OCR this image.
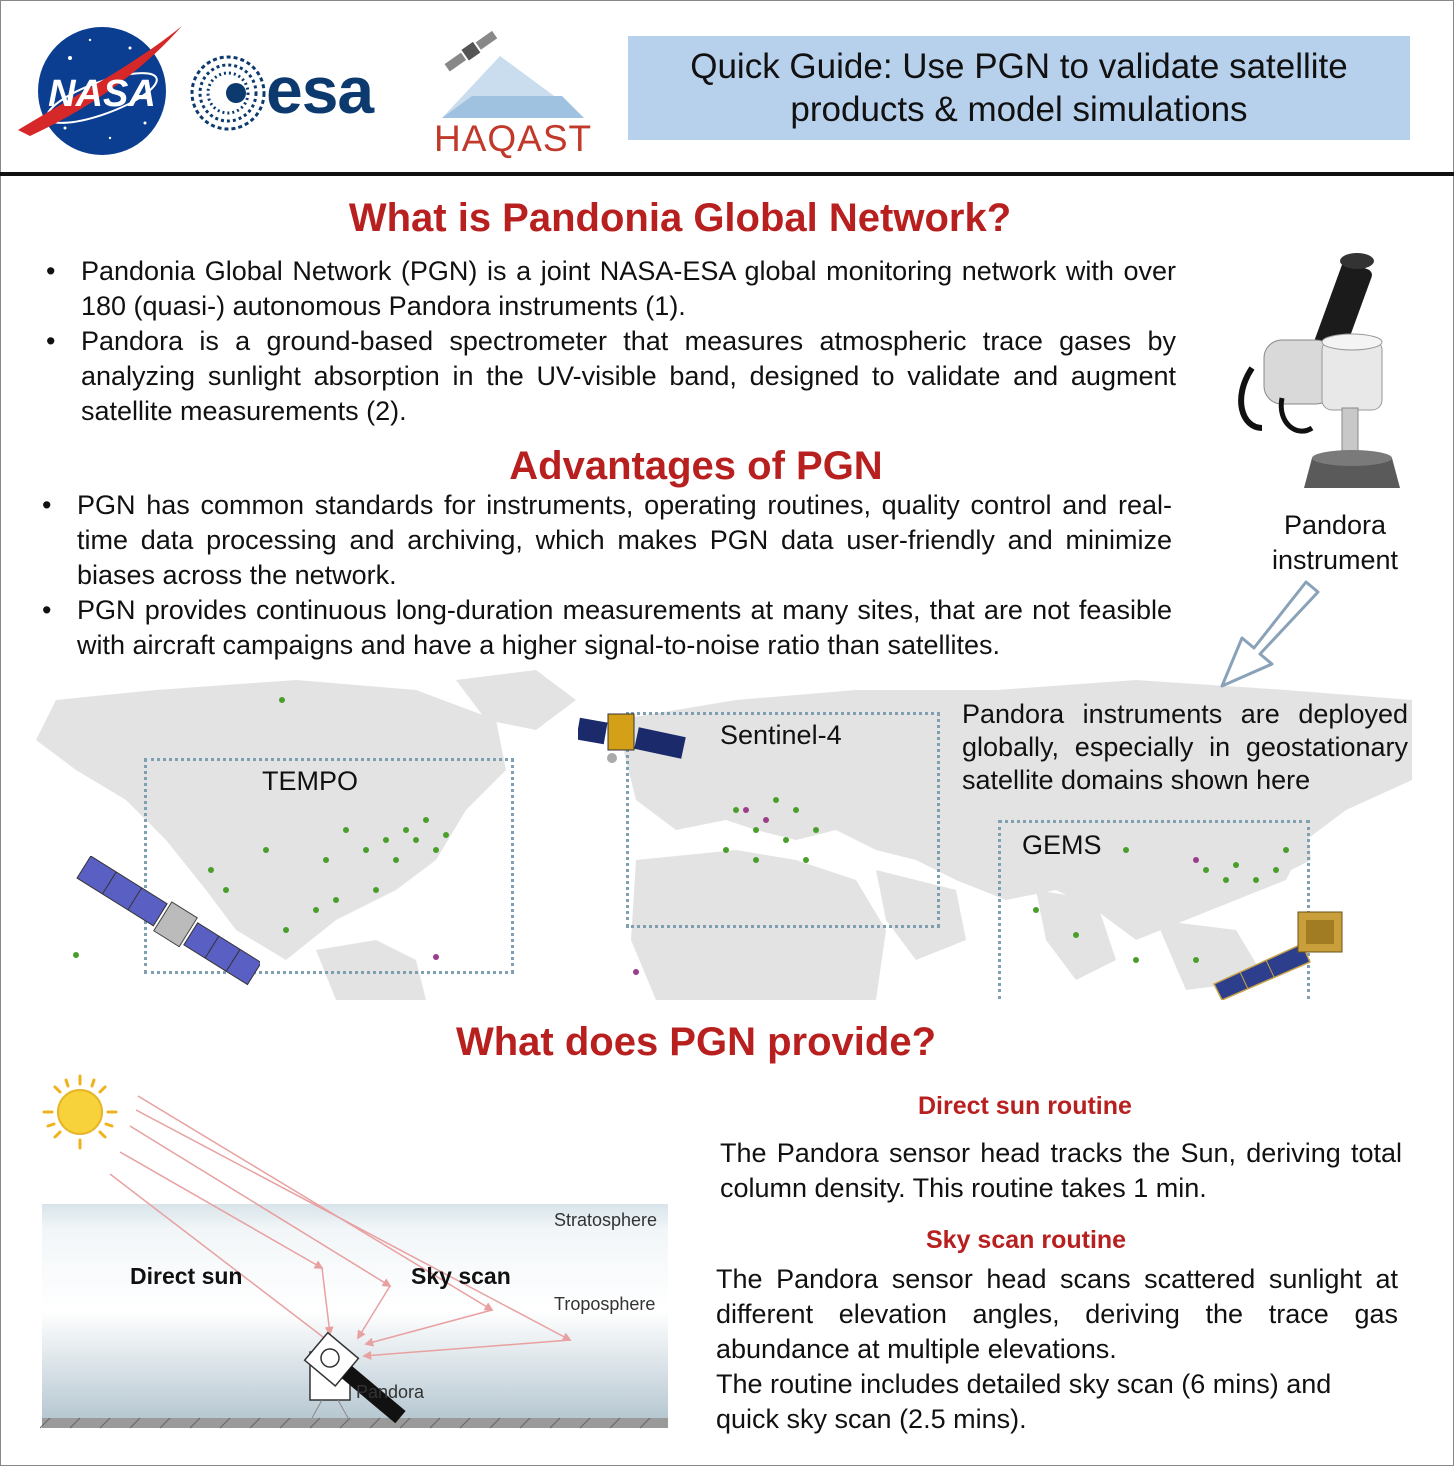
NASA esa
HAQAST
Quick Guide: Use PGN to validate satellite
products & model simulations
What is Pandonia Global Network?
• Pandonia Global Network (PGN) is a joint NASA-ESA global monitoring network with over 180 (quasi-) autonomous Pandora instruments (1).
• Pandora is a ground-based spectrometer that measures atmospheric trace gases by analyzing sunlight absorption in the UV-visible band, designed to validate and augment satellite measurements (2).
Pandora
instrument
Advantages of PGN
• PGN has common standards for instruments, operating routines, quality control and real-time data processing and archiving, which makes PGN data user-friendly and minimize biases across the network.
• PGN provides continuous long-duration measurements at many sites, that are not feasible with aircraft campaigns and have a higher signal-to-noise ratio than satellites.
TEMPO
Sentinel-4
GEMS
Pandora instruments are deployed globally, especially in geostationary satellite domains shown here
What does PGN provide?
Stratosphere
Troposphere
Direct sun	Sky scan
Pandora
Direct sun routine
The Pandora sensor head tracks the Sun, deriving total column density. This routine takes 1 min.
Sky scan routine
The Pandora sensor head scans scattered sunlight at different elevation angles, deriving the trace gas abundance at multiple elevations.
The routine includes detailed sky scan (6 mins) and quick sky scan (2.5 mins).
